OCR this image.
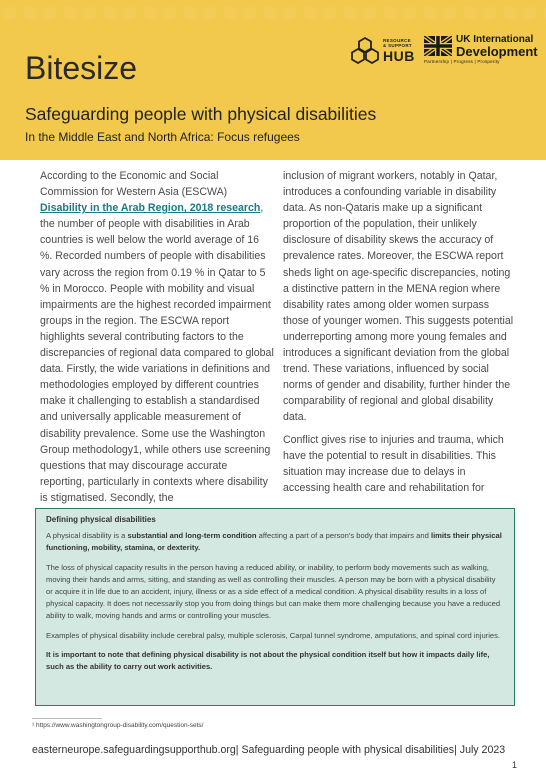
Bitesize
RESOURCE
& SUPPORT
HUB
UK International
Development
Partnership | Progress | Prosperity
Safeguarding people with physical disabilities
In the Middle East and North Africa: Focus refugees

According to the Economic and Social Commission for Western Asia (ESCWA) Disability in the Arab Region, 2018 research, the number of people with disabilities in Arab countries is well below the world average of 16 %. Recorded numbers of people with disabilities vary across the region from 0.19 % in Qatar to 5 % in Morocco. People with mobility and visual impairments are the highest recorded impairment groups in the region. The ESCWA report highlights several contributing factors to the discrepancies of regional data compared to global data. Firstly, the wide variations in definitions and methodologies employed by different countries make it challenging to establish a standardised and universally applicable measurement of disability prevalence. Some use the Washington Group methodology1, while others use screening questions that may discourage accurate reporting, particularly in contexts where disability is stigmatised. Secondly, the

inclusion of migrant workers, notably in Qatar, introduces a confounding variable in disability data. As non-Qataris make up a significant proportion of the population, their unlikely disclosure of disability skews the accuracy of prevalence rates. Moreover, the ESCWA report sheds light on age-specific discrepancies, noting a distinctive pattern in the MENA region where disability rates among older women surpass those of younger women. This suggests potential underreporting among more young females and introduces a significant deviation from the global trend. These variations, influenced by social norms of gender and disability, further hinder the comparability of regional and global disability data.

Conflict gives rise to injuries and trauma, which have the potential to result in disabilities. This situation may increase due to delays in accessing health care and rehabilitation for

Defining physical disabilities

A physical disability is a substantial and long-term condition affecting a part of a person's body that impairs and limits their physical functioning, mobility, stamina, or dexterity.

The loss of physical capacity results in the person having a reduced ability, or inability, to perform body movements such as walking, moving their hands and arms, sitting, and standing as well as controlling their muscles. A person may be born with a physical disability or acquire it in life due to an accident, injury, illness or as a side effect of a medical condition. A physical disability results in a loss of physical capacity. It does not necessarily stop you from doing things but can make them more challenging because you have a reduced ability to walk, moving hands and arms or controlling your muscles.

Examples of physical disability include cerebral palsy, multiple sclerosis, Carpal tunnel syndrome, amputations, and spinal cord injuries.

It is important to note that defining physical disability is not about the physical condition itself but how it impacts daily life, such as the ability to carry out work activities.

¹ https://www.washingtongroup-disability.com/question-sets/
easterneurope.safeguardingsupporthub.org| Safeguarding people with physical disabilities| July 2023
1
